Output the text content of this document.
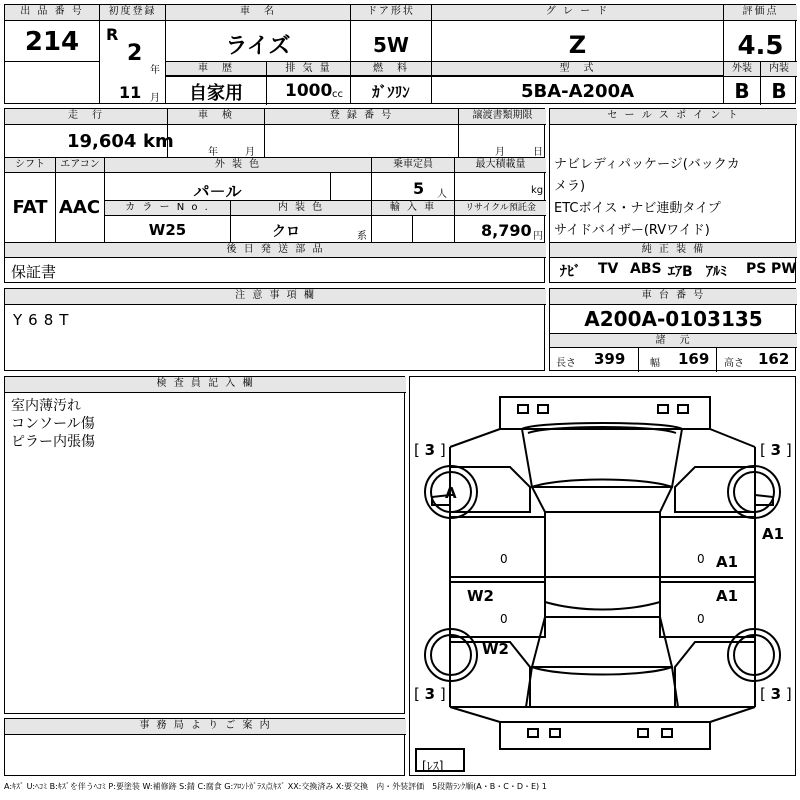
出 品 番 号
214
初度登録
R
2
年
11 月
車　名
ライズ
ドア形状
5W
グ レ ー ド
Z
評価点
4.5
車　歴	排 気 量	燃　料	型　式
自家用	1000 cc	ｶﾞｿﾘﾝ	5BA-A200A
外装	内装
B	B
走　行	車　検	登 録 番 号	譲渡書類期限
19,604 km
年	月	月	日
シフト	エアコン	外 装 色	乗車定員	最大積載量
FAT AAC
パ－ル	5 人	kg
カ ラ ー N o .	内 装 色	輸 入 車	リサイクル預託金
W25	クロ	系	8,790 円
後 日 発 送 部 品
保証書
セ ー ル ス ポ イ ン ト
ナビレディパッケージ(バックカ
メラ)
ETCボイス・ナビ連動タイプ
サイドバイザー(RVワイド)
純 正 装 備
ﾅﾋﾞ TV ABS ｴｱB ｱﾙﾐ PS PW
注 意 事 項 欄
Y68T
車 台 番 号
A200A-0103135
諸　元
長さ 399 幅 169 高さ 162
検 査 員 記 入 欄
室内薄汚れ
コンソール傷
ピラー内張傷
事 務 局 よ り ご 案 内
0	0
0	0
[ 3 ]	[ 3 ]
[ 3 ]	[ 3 ]
[ﾚｽ]
A
A1
A1
A1
W2
W2
A:ｷｽﾞ U:ﾍｺﾐ B:ｷｽﾞを伴うﾍｺﾐ P:要塗装 W:補修跡 S:錆 C:腐食 G:ﾌﾛﾝﾄｶﾞﾗｽ点ｷｽﾞ XX:交換済み X:要交換　内・外装評価　5段階ﾗﾝｸ順(A・B・C・D・E) 1
